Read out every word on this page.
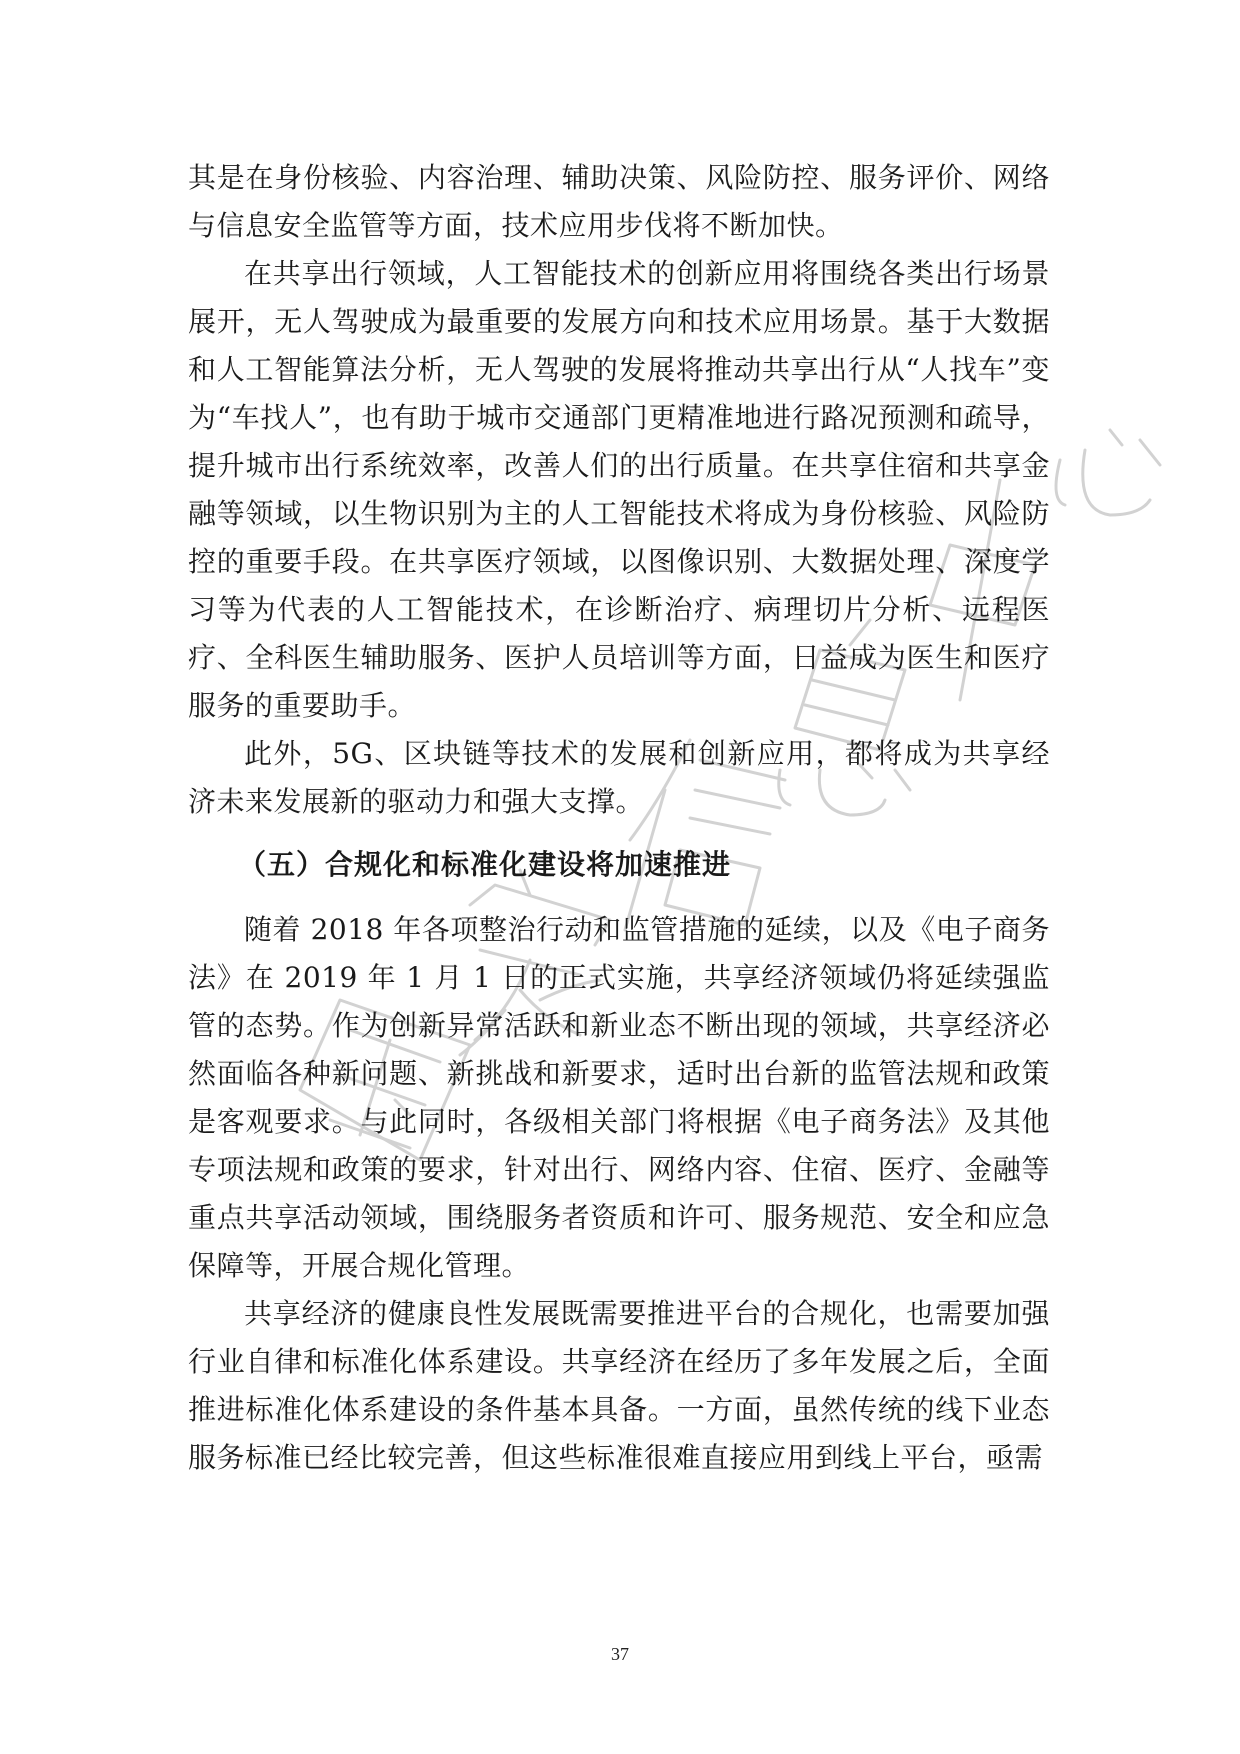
其是在身份核验、内容治理、辅助决策、风险防控、服务评价、网络与信息安全监管等方面，技术应用步伐将不断加快。

在共享出行领域，人工智能技术的创新应用将围绕各类出行场景展开，无人驾驶成为最重要的发展方向和技术应用场景。基于大数据和人工智能算法分析，无人驾驶的发展将推动共享出行从“人找车”变为“车找人”，也有助于城市交通部门更精准地进行路况预测和疏导，提升城市出行系统效率，改善人们的出行质量。在共享住宿和共享金融等领域，以生物识别为主的人工智能技术将成为身份核验、风险防控的重要手段。在共享医疗领域，以图像识别、大数据处理、深度学习等为代表的人工智能技术，在诊断治疗、病理切片分析、远程医疗、全科医生辅助服务、医护人员培训等方面，日益成为医生和医疗服务的重要助手。

此外，5G、区块链等技术的发展和创新应用，都将成为共享经济未来发展新的驱动力和强大支撑。

（五）合规化和标准化建设将加速推进

随着 2018 年各项整治行动和监管措施的延续，以及《电子商务法》在 2019 年 1 月 1 日的正式实施，共享经济领域仍将延续强监管的态势。作为创新异常活跃和新业态不断出现的领域，共享经济必然面临各种新问题、新挑战和新要求，适时出台新的监管法规和政策是客观要求。与此同时，各级相关部门将根据《电子商务法》及其他专项法规和政策的要求，针对出行、网络内容、住宿、医疗、金融等重点共享活动领域，围绕服务者资质和许可、服务规范、安全和应急保障等，开展合规化管理。

共享经济的健康良性发展既需要推进平台的合规化，也需要加强行业自律和标准化体系建设。共享经济在经历了多年发展之后，全面推进标准化体系建设的条件基本具备。一方面，虽然传统的线下业态服务标准已经比较完善，但这些标准很难直接应用到线上平台，亟需

37
